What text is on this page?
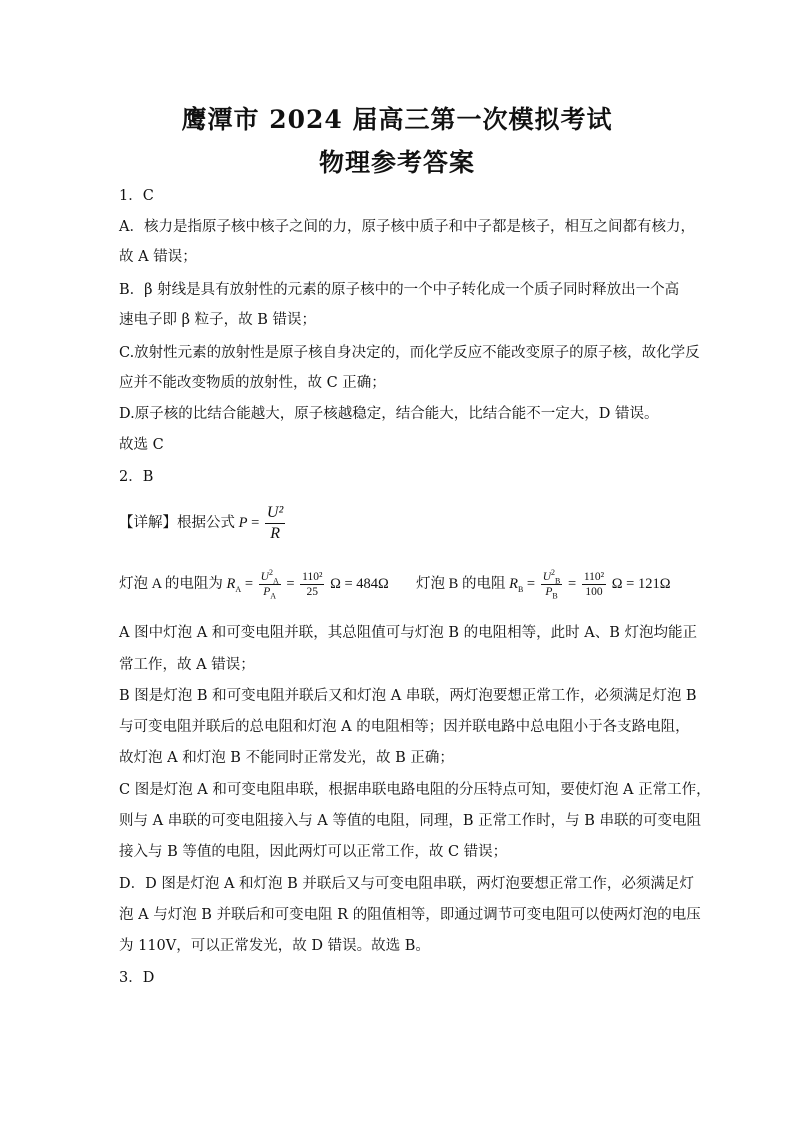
鹰潭市 2024 届高三第一次模拟考试
物理参考答案
1．C
A．核力是指原子核中核子之间的力，原子核中质子和中子都是核子，相互之间都有核力，
故 A 错误；
B．β 射线是具有放射性的元素的原子核中的一个中子转化成一个质子同时释放出一个高
速电子即 β 粒子，故 B 错误；
C.放射性元素的放射性是原子核自身决定的，而化学反应不能改变原子的原子核，故化学反
应并不能改变物质的放射性，故 C 正确；
D.原子核的比结合能越大，原子核越稳定，结合能大，比结合能不一定大，D 错误。
故选 C
2．B
【详解】根据公式 $P = \frac{\text{U²}}{R}$
灯泡 A 的电阻为 $R_A = \frac{U^2_A}{P_A} = \frac{\text{110²}}{25}$ Ω = 484Ω 灯泡 B 的电阻 $R_B = \frac{U^2_B}{P_B} = \frac{\text{110²}}{100}$ Ω = 121Ω
A 图中灯泡 A 和可变电阻并联，其总阻值可与灯泡 B 的电阻相等，此时 A、B 灯泡均能正
常工作，故 A 错误；
B 图是灯泡 B 和可变电阻并联后又和灯泡 A 串联，两灯泡要想正常工作，必须满足灯泡 B
与可变电阻并联后的总电阻和灯泡 A 的电阻相等；因并联电路中总电阻小于各支路电阻，
故灯泡 A 和灯泡 B 不能同时正常发光，故 B 正确；
C 图是灯泡 A 和可变电阻串联，根据串联电路电阻的分压特点可知，要使灯泡 A 正常工作，
则与 A 串联的可变电阻接入与 A 等值的电阻，同理，B 正常工作时，与 B 串联的可变电阻
接入与 B 等值的电阻，因此两灯可以正常工作，故 C 错误；
D．D 图是灯泡 A 和灯泡 B 并联后又与可变电阻串联，两灯泡要想正常工作，必须满足灯
泡 A 与灯泡 B 并联后和可变电阻 R 的阻值相等，即通过调节可变电阻可以使两灯泡的电压
为 110V，可以正常发光，故 D 错误。故选 B。
3．D
